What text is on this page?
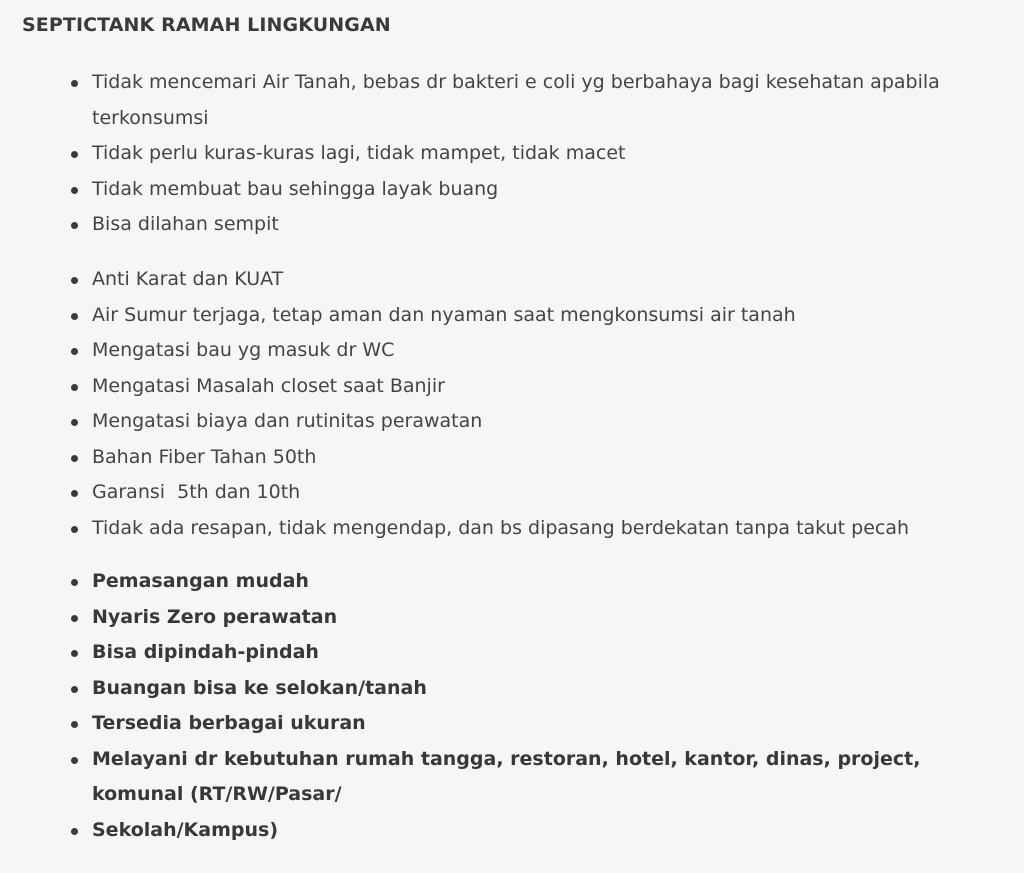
SEPTICTANK RAMAH LINGKUNGAN
Tidak mencemari Air Tanah, bebas dr bakteri e coli yg berbahaya bagi kesehatan apabila terkonsumsi
Tidak perlu kuras-kuras lagi, tidak mampet, tidak macet
Tidak membuat bau sehingga layak buang
Bisa dilahan sempit
Anti Karat dan KUAT
Air Sumur terjaga, tetap aman dan nyaman saat mengkonsumsi air tanah
Mengatasi bau yg masuk dr WC
Mengatasi Masalah closet saat Banjir
Mengatasi biaya dan rutinitas perawatan
Bahan Fiber Tahan 50th
Garansi  5th dan 10th
Tidak ada resapan, tidak mengendap, dan bs dipasang berdekatan tanpa takut pecah
Pemasangan mudah
Nyaris Zero perawatan
Bisa dipindah-pindah
Buangan bisa ke selokan/tanah
Tersedia berbagai ukuran
Melayani dr kebutuhan rumah tangga, restoran, hotel, kantor, dinas, project, komunal (RT/RW/Pasar/
Sekolah/Kampus)
